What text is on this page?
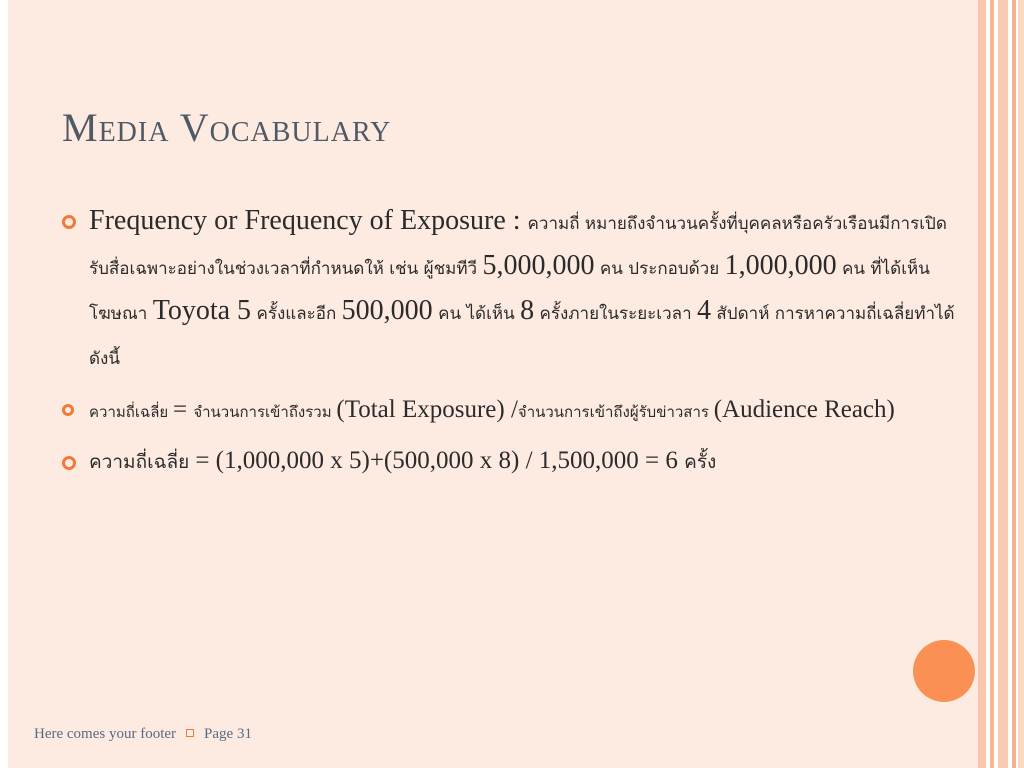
Media Vocabulary
Frequency or Frequency of Exposure : ความถี่ หมายถึงจำนวนครั้งที่บุคคลหรือครัวเรือนมีการเปิดรับสื่อเฉพาะอย่างในช่วงเวลาที่กำหนดให้ เช่น ผู้ชมทีวี 5,000,000 คน ประกอบด้วย 1,000,000 คน ที่ได้เห็นโฆษณา Toyota 5 ครั้งและอีก 500,000 คน ได้เห็น 8 ครั้งภายในระยะเวลา 4 สัปดาห์ การหาความถี่เฉลี่ยทำได้ดังนี้
ความถี่เฉลี่ย = จำนวนการเข้าถึงรวม (Total Exposure) /จำนวนการเข้าถึงผู้รับข่าวสาร (Audience Reach)
ความถี่เฉลี่ย = (1,000,000 x 5)+(500,000 x 8) / 1,500,000 = 6 ครั้ง
Here comes your footer Page 31
